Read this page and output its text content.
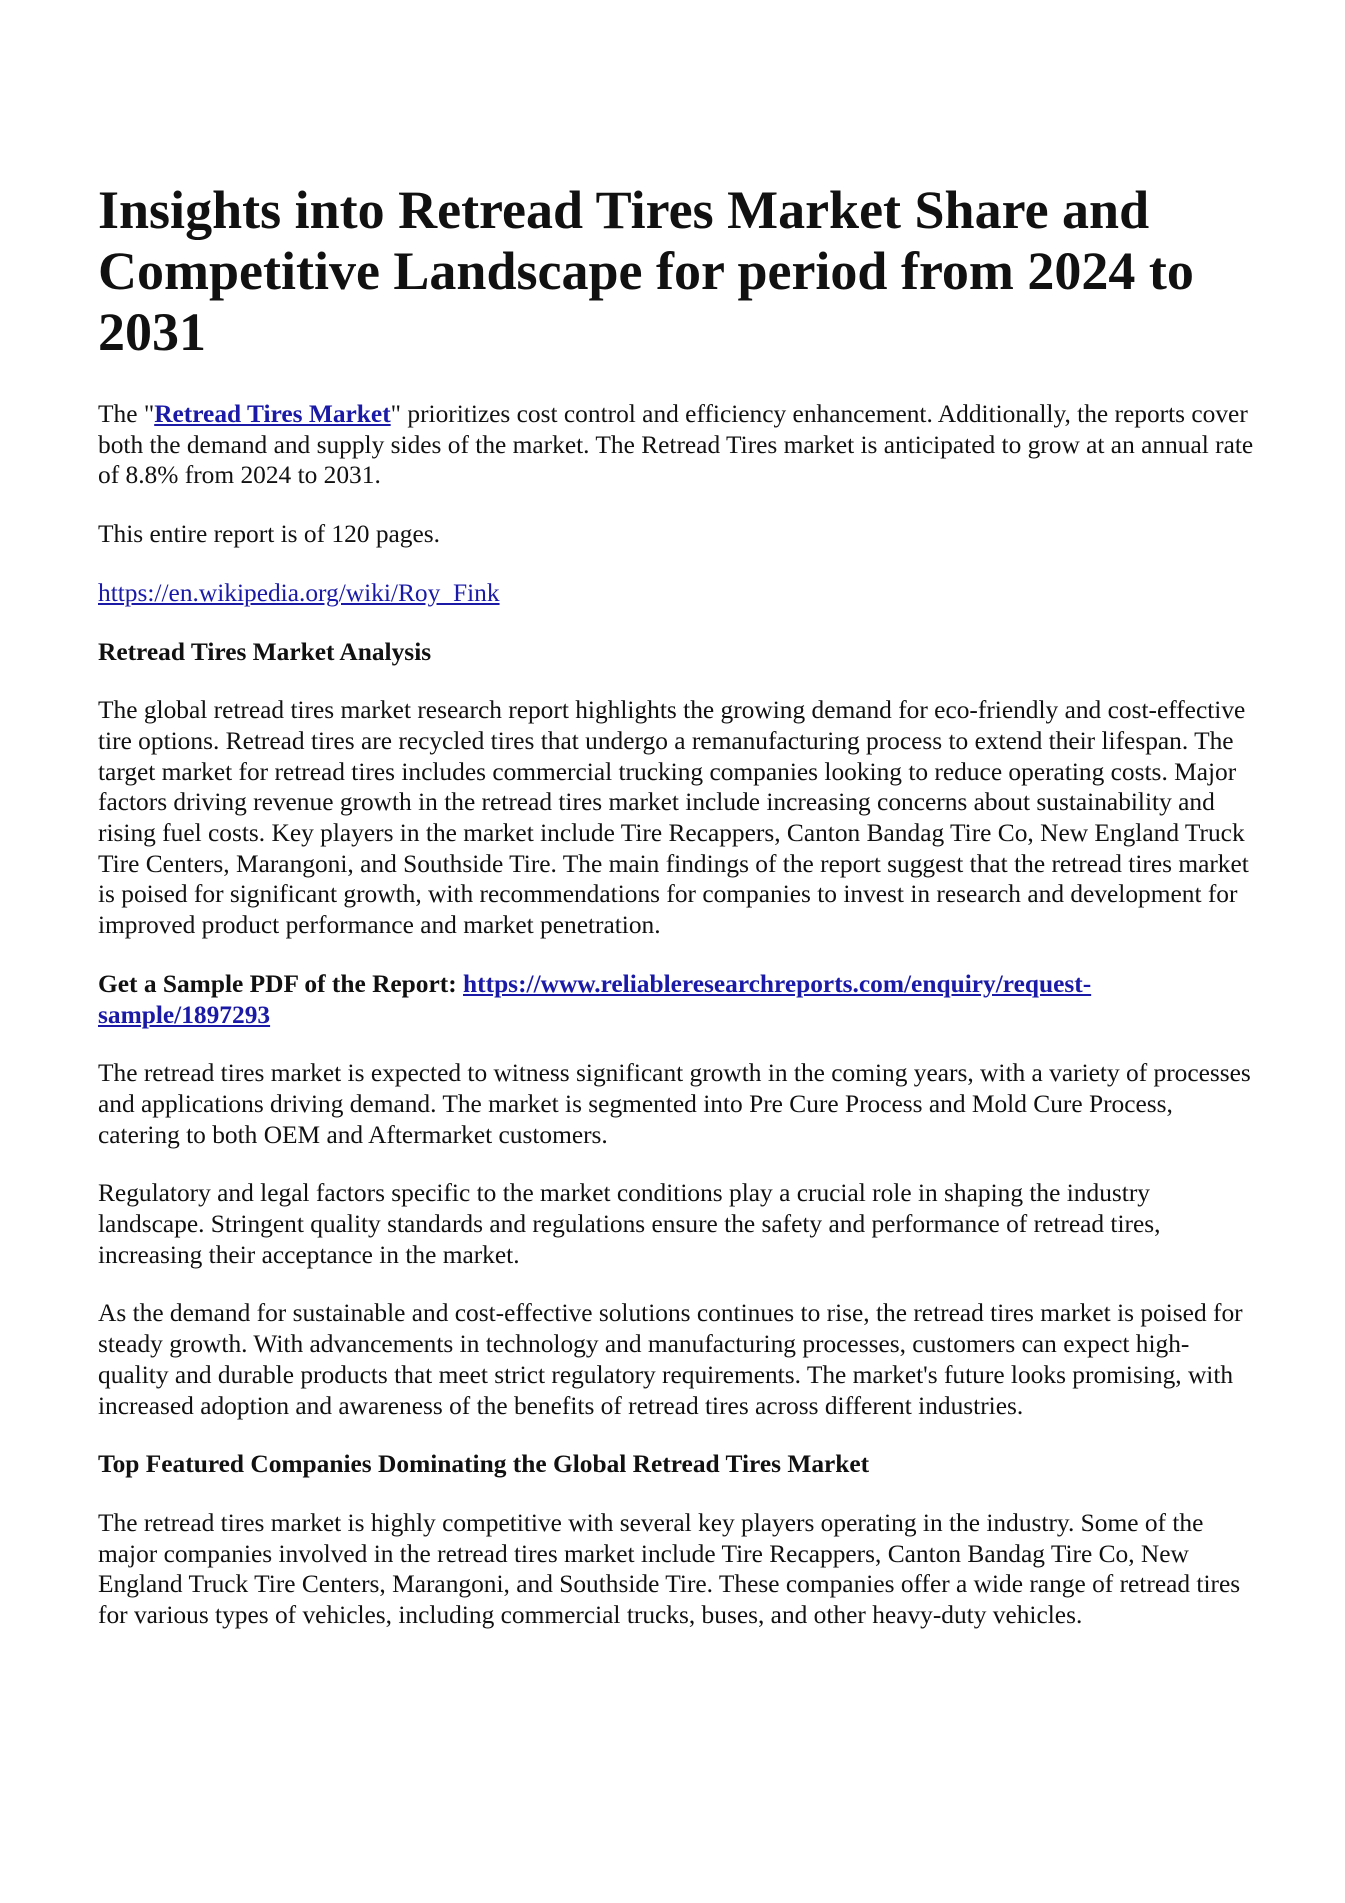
Insights into Retread Tires Market Share and Competitive Landscape for period from 2024 to 2031

The "Retread Tires Market" prioritizes cost control and efficiency enhancement. Additionally, the reports cover both the demand and supply sides of the market. The Retread Tires market is anticipated to grow at an annual rate of 8.8% from 2024 to 2031.

This entire report is of 120 pages.

https://en.wikipedia.org/wiki/Roy_Fink

Retread Tires Market Analysis

The global retread tires market research report highlights the growing demand for eco-friendly and cost-effective tire options. Retread tires are recycled tires that undergo a remanufacturing process to extend their lifespan. The target market for retread tires includes commercial trucking companies looking to reduce operating costs. Major factors driving revenue growth in the retread tires market include increasing concerns about sustainability and rising fuel costs. Key players in the market include Tire Recappers, Canton Bandag Tire Co, New England Truck Tire Centers, Marangoni, and Southside Tire. The main findings of the report suggest that the retread tires market is poised for significant growth, with recommendations for companies to invest in research and development for improved product performance and market penetration.

Get a Sample PDF of the Report: https://www.reliableresearchreports.com/enquiry/request-sample/1897293

The retread tires market is expected to witness significant growth in the coming years, with a variety of processes and applications driving demand. The market is segmented into Pre Cure Process and Mold Cure Process, catering to both OEM and Aftermarket customers.

Regulatory and legal factors specific to the market conditions play a crucial role in shaping the industry landscape. Stringent quality standards and regulations ensure the safety and performance of retread tires, increasing their acceptance in the market.

As the demand for sustainable and cost-effective solutions continues to rise, the retread tires market is poised for steady growth. With advancements in technology and manufacturing processes, customers can expect high-quality and durable products that meet strict regulatory requirements. The market's future looks promising, with increased adoption and awareness of the benefits of retread tires across different industries.

Top Featured Companies Dominating the Global Retread Tires Market

The retread tires market is highly competitive with several key players operating in the industry. Some of the major companies involved in the retread tires market include Tire Recappers, Canton Bandag Tire Co, New England Truck Tire Centers, Marangoni, and Southside Tire. These companies offer a wide range of retread tires for various types of vehicles, including commercial trucks, buses, and other heavy-duty vehicles.
